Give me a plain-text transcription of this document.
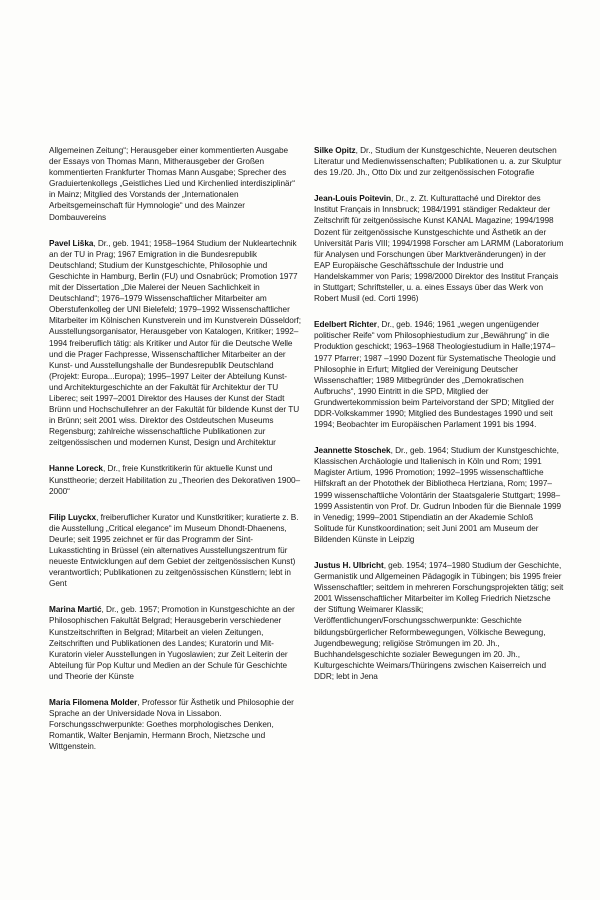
Allgemeinen Zeitung“; Herausgeber einer kommentierten Ausgabe der Essays von Thomas Mann, Mitherausgeber der Großen kommentierten Frankfurter Thomas Mann Ausgabe; Sprecher des Graduiertenkollegs „Geistliches Lied und Kirchenlied interdisziplinär“ in Mainz; Mitglied des Vorstands der „Internationalen Arbeitsgemeinschaft für Hymnologie“ und des Mainzer Dombauvereins

Pavel Liška, Dr., geb. 1941; 1958–1964 Studium der Nukleartechnik an der TU in Prag; 1967 Emigration in die Bundesrepublik Deutschland; Studium der Kunstgeschichte, Philosophie und Geschichte in Hamburg, Berlin (FU) und Osnabrück; Promotion 1977 mit der Dissertation „Die Malerei der Neuen Sachlichkeit in Deutschland“; 1976–1979 Wissenschaftlicher Mitarbeiter am Oberstufenkolleg der UNI Bielefeld; 1979–1992 Wissenschaftlicher Mitarbeiter im Kölnischen Kunstverein und im Kunstverein Düsseldorf; Ausstellungsorganisator, Herausgeber von Katalogen, Kritiker; 1992–1994 freiberuflich tätig: als Kritiker und Autor für die Deutsche Welle und die Prager Fachpresse, Wissenschaftlicher Mitarbeiter an der Kunst- und Ausstellungshalle der Bundesrepublik Deutschland (Projekt: Europa...Europa); 1995–1997 Leiter der Abteilung Kunst- und Architekturgeschichte an der Fakultät für Architektur der TU Liberec; seit 1997–2001 Direktor des Hauses der Kunst der Stadt Brünn und Hochschullehrer an der Fakultät für bildende Kunst der TU in Brünn; seit 2001 wiss. Direktor des Ostdeutschen Museums Regensburg; zahlreiche wissenschaftliche Publikationen zur zeitgenössischen und modernen Kunst, Design und Architektur

Hanne Loreck, Dr., freie Kunstkritikerin für aktuelle Kunst und Kunsttheorie; derzeit Habilitation zu „Theorien des Dekorativen 1900–2000“

Filip Luyckx, freiberuflicher Kurator und Kunstkritiker; kuratierte z. B. die Ausstellung „Critical elegance“ im Museum Dhondt-Dhaenens, Deurle; seit 1995 zeichnet er für das Programm der Sint-Lukasstichting in Brüssel (ein alternatives Ausstellungszentrum für neueste Entwicklungen auf dem Gebiet der zeitgenössischen Kunst) verantwortlich; Publikationen zu zeitgenössischen Künstlern; lebt in Gent

Marina Martić, Dr., geb. 1957; Promotion in Kunstgeschichte an der Philosophischen Fakultät Belgrad; Herausgeberin verschiedener Kunstzeitschriften in Belgrad; Mitarbeit an vielen Zeitungen, Zeitschriften und Publikationen des Landes; Kuratorin und Mit-Kuratorin vieler Ausstellungen in Yugoslawien; zur Zeit Leiterin der Abteilung für Pop Kultur und Medien an der Schule für Geschichte und Theorie der Künste

Maria Filomena Molder, Professor für Ästhetik und Philosophie der Sprache an der Universidade Nova in Lissabon. Forschungsschwerpunkte: Goethes morphologisches Denken, Romantik, Walter Benjamin, Hermann Broch, Nietzsche und Wittgenstein.

Silke Opitz, Dr., Studium der Kunstgeschichte, Neueren deutschen Literatur und Medienwissenschaften; Publikationen u. a. zur Skulptur des 19./20. Jh., Otto Dix und zur zeitgenössischen Fotografie

Jean-Louis Poitevin, Dr., z. Zt. Kulturattaché und Direktor des Institut Français in Innsbruck; 1984/1991 ständiger Redakteur der Zeitschrift für zeitgenössische Kunst KANAL Magazine; 1994/1998 Dozent für zeitgenössische Kunstgeschichte und Ästhetik an der Universität Paris VIII; 1994/1998 Forscher am LARMM (Laboratorium für Analysen und Forschungen über Marktveränderungen) in der EAP Europäische Geschäftsschule der Industrie und Handelskammer von Paris; 1998/2000 Direktor des Institut Français in Stuttgart; Schriftsteller, u. a. eines Essays über das Werk von Robert Musil (ed. Corti 1996)

Edelbert Richter, Dr., geb. 1946; 1961 „wegen ungenügender politischer Reife“ vom Philosophiestudium zur „Bewährung“ in die Produktion geschickt; 1963–1968 Theologiestudium in Halle;1974–1977 Pfarrer; 1987 –1990 Dozent für Systematische Theologie und Philosophie in Erfurt; Mitglied der Vereinigung Deutscher Wissenschaftler; 1989 Mitbegründer des „Demokratischen Aufbruchs“, 1990 Eintritt in die SPD, Mitglied der Grundwertekommission beim Parteivorstand der SPD; Mitglied der DDR-Volkskammer 1990; Mitglied des Bundestages 1990 und seit 1994; Beobachter im Europäischen Parlament 1991 bis 1994.

Jeannette Stoschek, Dr., geb. 1964; Studium der Kunstgeschichte, Klassischen Archäologie und Italienisch in Köln und Rom; 1991 Magister Artium, 1996 Promotion; 1992–1995 wissenschaftliche Hilfskraft an der Photothek der Bibliotheca Hertziana, Rom; 1997–1999 wissenschaftliche Volontärin der Staatsgalerie Stuttgart; 1998–1999 Assistentin von Prof. Dr. Gudrun Inboden für die Biennale 1999 in Venedig; 1999–2001 Stipendiatin an der Akademie Schloß Solitude für Kunstkoordination; seit Juni 2001 am Museum der Bildenden Künste in Leipzig

Justus H. Ulbricht, geb. 1954; 1974–1980 Studium der Geschichte, Germanistik und Allgemeinen Pädagogik in Tübingen; bis 1995 freier Wissenschaftler; seitdem in mehreren Forschungsprojekten tätig; seit 2001 Wissenschaftlicher Mitarbeiter im Kolleg Friedrich Nietzsche der Stiftung Weimarer Klassik; Veröffentlichungen/Forschungsschwerpunkte: Geschichte bildungsbürgerlicher Reformbewegungen, Völkische Bewegung, Jugendbewegung; religiöse Strömungen im 20. Jh., Buchhandelsgeschichte sozialer Bewegungen im 20. Jh., Kulturgeschichte Weimars/Thüringens zwischen Kaiserreich und DDR; lebt in Jena
